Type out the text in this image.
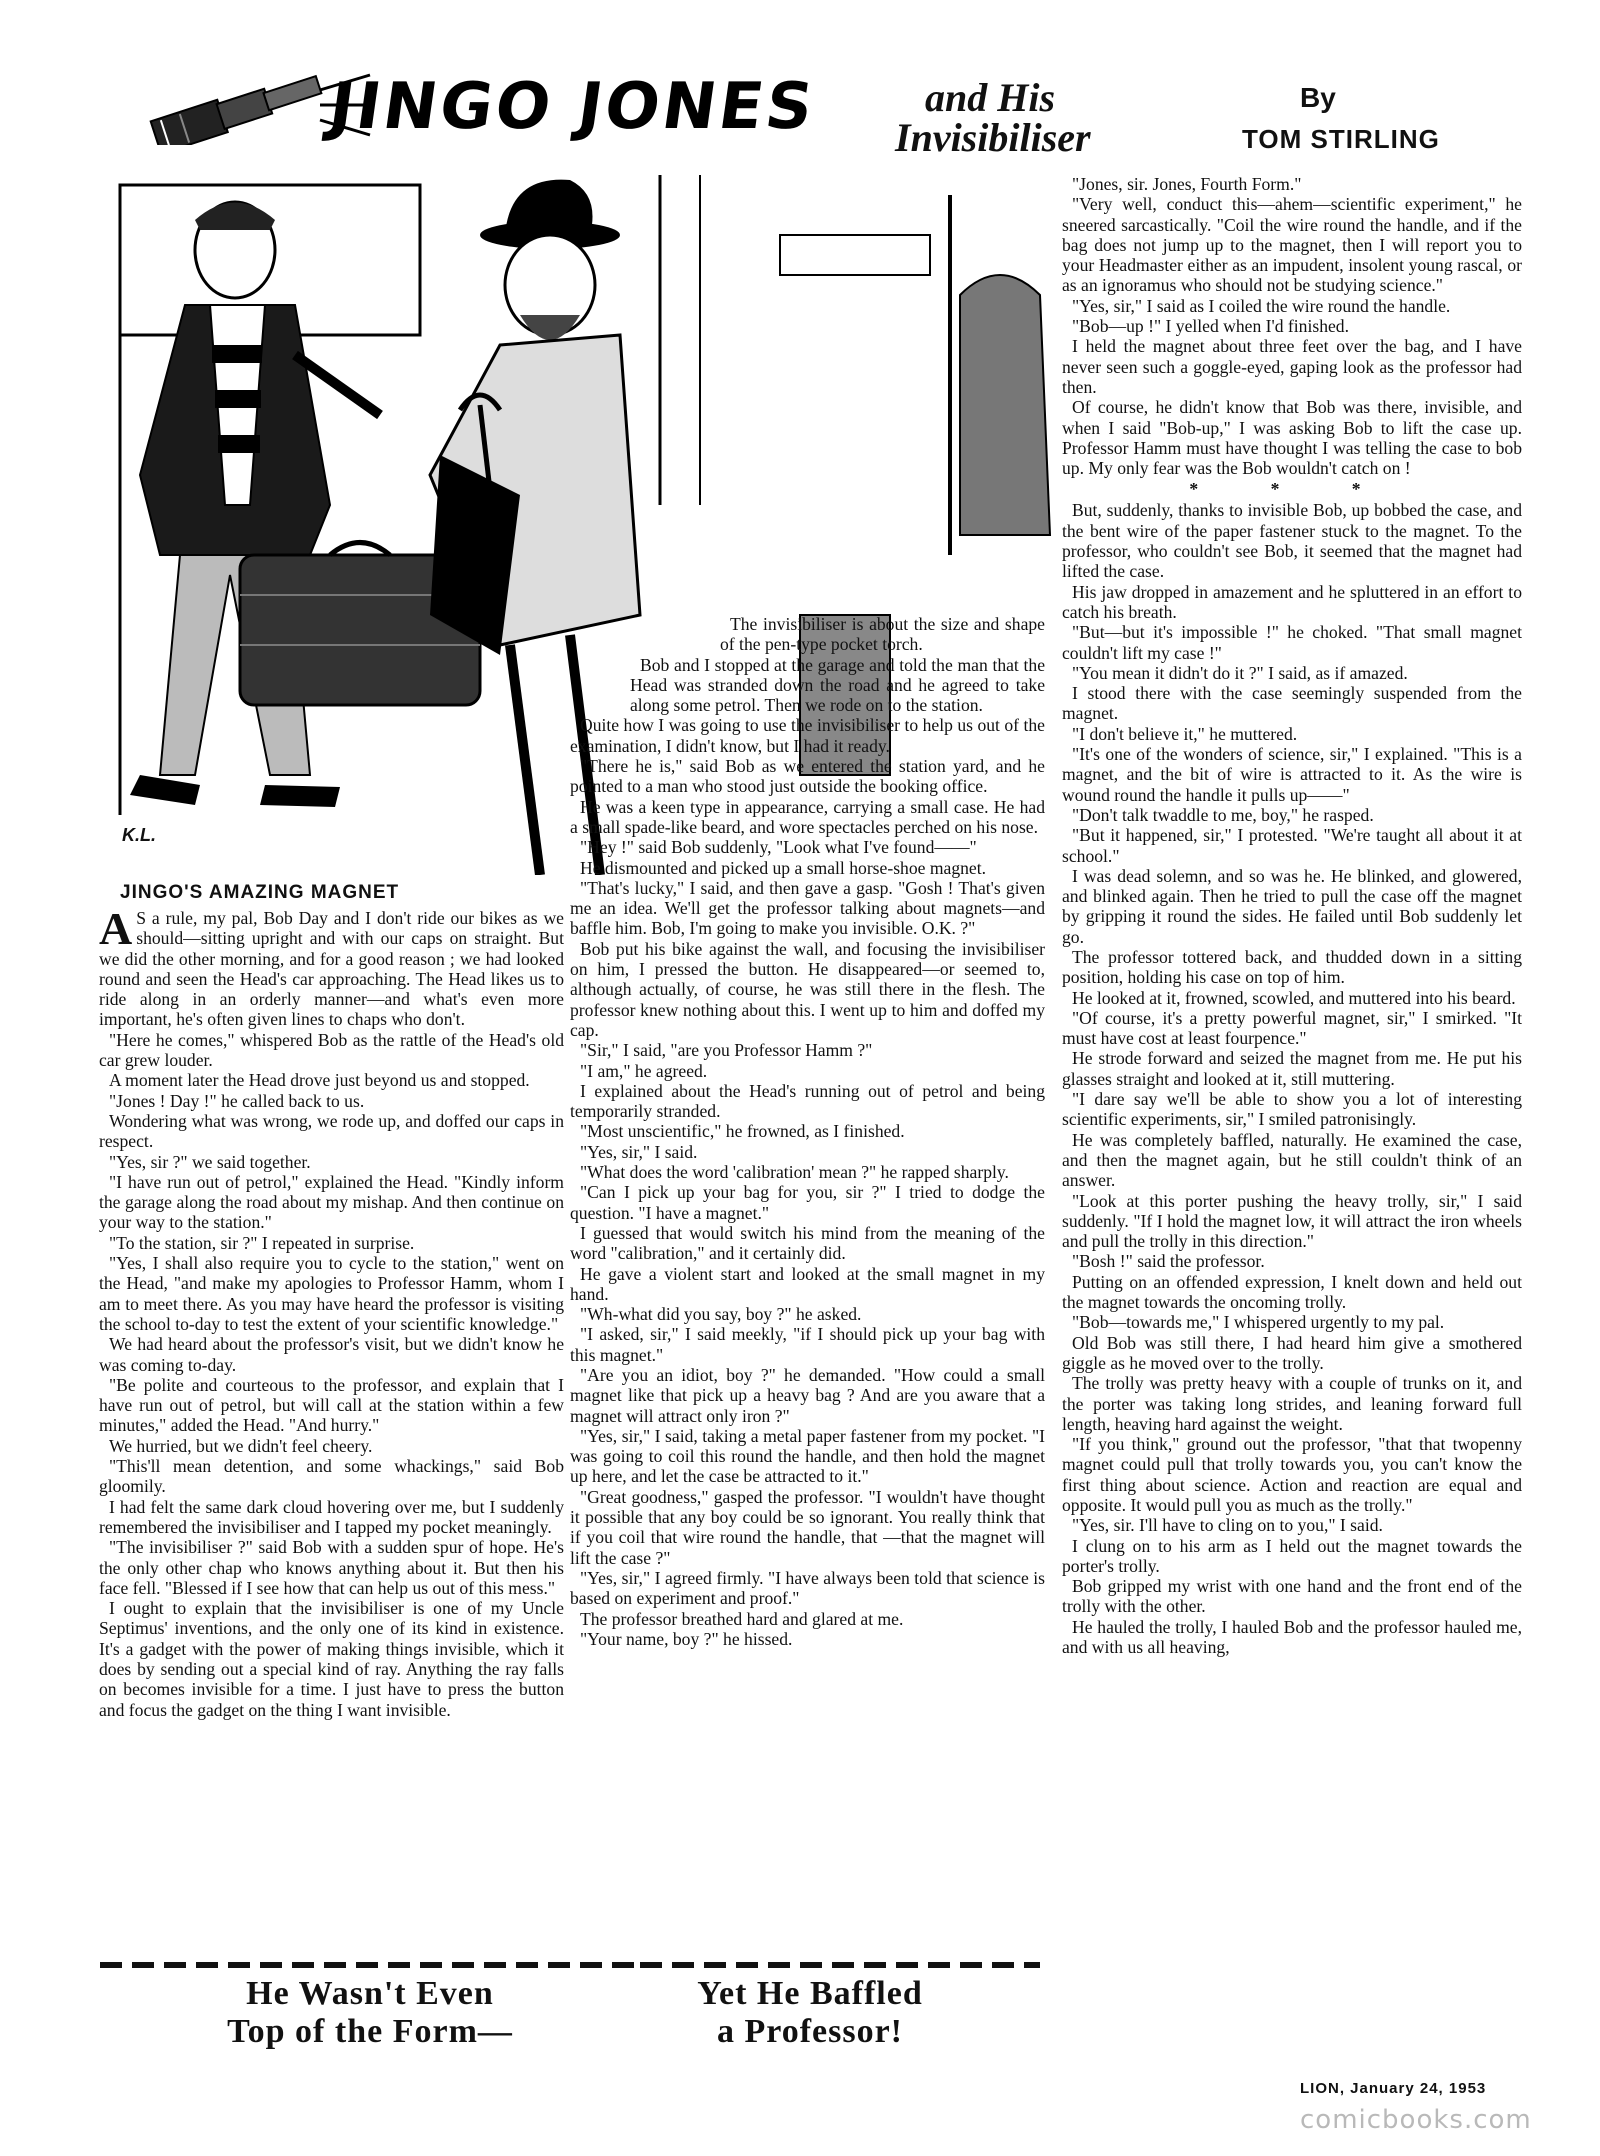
JINGO JONES	and His
Invisibiliser
By
TOM STIRLING
K.L.
JINGO'S AMAZING MAGNET

A S a rule, my pal, Bob Day and I don't ride our bikes as we should—sitting upright and with our caps on straight. But we did the other morning, and for a good reason ; we had looked round and seen the Head's car approaching. The Head likes us to ride along in an orderly manner—and what's even more important, he's often given lines to chaps who don't.

"Here he comes," whispered Bob as the rattle of the Head's old car grew louder.

A moment later the Head drove just beyond us and stopped.

"Jones ! Day !" he called back to us.

Wondering what was wrong, we rode up, and doffed our caps in respect.

"Yes, sir ?" we said together.

"I have run out of petrol," explained the Head. "Kindly inform the garage along the road about my mishap. And then continue on your way to the station."

"To the station, sir ?" I repeated in surprise.

"Yes, I shall also require you to cycle to the station," went on the Head, "and make my apologies to Professor Hamm, whom I am to meet there. As you may have heard the professor is visiting the school to-day to test the extent of your scientific knowledge."

We had heard about the professor's visit, but we didn't know he was coming to-day.

"Be polite and courteous to the professor, and explain that I have run out of petrol, but will call at the station within a few minutes," added the Head. "And hurry."

We hurried, but we didn't feel cheery.

"This'll mean detention, and some whackings," said Bob gloomily.

I had felt the same dark cloud hovering over me, but I suddenly remembered the invisibiliser and I tapped my pocket meaningly.

"The invisibiliser ?" said Bob with a sudden spur of hope. He's the only other chap who knows anything about it. But then his face fell. "Blessed if I see how that can help us out of this mess."

I ought to explain that the invisibiliser is one of my Uncle Septimus' inventions, and the only one of its kind in existence. It's a gadget with the power of making things invisible, which it does by sending out a special kind of ray. Anything the ray falls on becomes invisible for a time. I just have to press the button and focus the gadget on the thing I want invisible.

The invisibiliser is about the size and shape of the pen-type pocket torch.

Bob and I stopped at the garage and told the man that the Head was stranded down the road and he agreed to take along some petrol. Then we rode on to the station.

Quite how I was going to use the invisibiliser to help us out of the examination, I didn't know, but I had it ready.

"There he is," said Bob as we entered the station yard, and he pointed to a man who stood just outside the booking office.

He was a keen type in appearance, carrying a small case. He had a small spade-like beard, and wore spectacles perched on his nose.

"Hey !" said Bob suddenly, "Look what I've found——"

He dismounted and picked up a small horse-shoe magnet.

"That's lucky," I said, and then gave a gasp. "Gosh ! That's given me an idea. We'll get the professor talking about magnets—and baffle him. Bob, I'm going to make you invisible. O.K. ?"

Bob put his bike against the wall, and focusing the invisibiliser on him, I pressed the button. He disappeared—or seemed to, although actually, of course, he was still there in the flesh. The professor knew nothing about this. I went up to him and doffed my cap.

"Sir," I said, "are you Professor Hamm ?"

"I am," he agreed.

I explained about the Head's running out of petrol and being temporarily stranded.

"Most unscientific," he frowned, as I finished.

"Yes, sir," I said.

"What does the word 'calibration' mean ?" he rapped sharply.

"Can I pick up your bag for you, sir ?" I tried to dodge the question. "I have a magnet."

I guessed that would switch his mind from the meaning of the word "calibration," and it certainly did.

He gave a violent start and looked at the small magnet in my hand.

"Wh-what did you say, boy ?" he asked.

"I asked, sir," I said meekly, "if I should pick up your bag with this magnet."

"Are you an idiot, boy ?" he demanded. "How could a small magnet like that pick up a heavy bag ? And are you aware that a magnet will attract only iron ?"

"Yes, sir," I said, taking a metal paper fastener from my pocket. "I was going to coil this round the handle, and then hold the magnet up here, and let the case be attracted to it."

"Great goodness," gasped the professor. "I wouldn't have thought it possible that any boy could be so ignorant. You really think that if you coil that wire round the handle, that —that the magnet will lift the case ?"

"Yes, sir," I agreed firmly. "I have always been told that science is based on experiment and proof."

The professor breathed hard and glared at me.

"Your name, boy ?" he hissed.

"Jones, sir. Jones, Fourth Form."

"Very well, conduct this—ahem—scientific experiment," he sneered sarcastically. "Coil the wire round the handle, and if the bag does not jump up to the magnet, then I will report you to your Headmaster either as an impudent, insolent young rascal, or as an ignoramus who should not be studying science."

"Yes, sir," I said as I coiled the wire round the handle.

"Bob—up !" I yelled when I'd finished.

I held the magnet about three feet over the bag, and I have never seen such a goggle-eyed, gaping look as the professor had then.

Of course, he didn't know that Bob was there, invisible, and when I said "Bob-up," I was asking Bob to lift the case up. Professor Hamm must have thought I was telling the case to bob up. My only fear was the Bob wouldn't catch on !

* * *

But, suddenly, thanks to invisible Bob, up bobbed the case, and the bent wire of the paper fastener stuck to the magnet. To the professor, who couldn't see Bob, it seemed that the magnet had lifted the case.

His jaw dropped in amazement and he spluttered in an effort to catch his breath.

"But—but it's impossible !" he choked. "That small magnet couldn't lift my case !"

"You mean it didn't do it ?" I said, as if amazed.

I stood there with the case seemingly suspended from the magnet.

"I don't believe it," he muttered.

"It's one of the wonders of science, sir," I explained. "This is a magnet, and the bit of wire is attracted to it. As the wire is wound round the handle it pulls up——"

"Don't talk twaddle to me, boy," he rasped.

"But it happened, sir," I protested. "We're taught all about it at school."

I was dead solemn, and so was he. He blinked, and glowered, and blinked again. Then he tried to pull the case off the magnet by gripping it round the sides. He failed until Bob suddenly let go.

The professor tottered back, and thudded down in a sitting position, holding his case on top of him.

He looked at it, frowned, scowled, and muttered into his beard.

"Of course, it's a pretty powerful magnet, sir," I smirked. "It must have cost at least fourpence."

He strode forward and seized the magnet from me. He put his glasses straight and looked at it, still muttering.

"I dare say we'll be able to show you a lot of interesting scientific experiments, sir," I smiled patronisingly.

He was completely baffled, naturally. He examined the case, and then the magnet again, but he still couldn't think of an answer.

"Look at this porter pushing the heavy trolly, sir," I said suddenly. "If I hold the magnet low, it will attract the iron wheels and pull the trolly in this direction."

"Bosh !" said the professor.

Putting on an offended expression, I knelt down and held out the magnet towards the oncoming trolly.

"Bob—towards me," I whispered urgently to my pal.

Old Bob was still there, I had heard him give a smothered giggle as he moved over to the trolly.

The trolly was pretty heavy with a couple of trunks on it, and the porter was taking long strides, and leaning forward full length, heaving hard against the weight.

"If you think," ground out the professor, "that that twopenny magnet could pull that trolly towards you, you can't know the first thing about science. Action and reaction are equal and opposite. It would pull you as much as the trolly."

"Yes, sir. I'll have to cling on to you," I said.

I clung on to his arm as I held out the magnet towards the porter's trolly.

Bob gripped my wrist with one hand and the front end of the trolly with the other.

He hauled the trolly, I hauled Bob and the professor hauled me, and with us all heaving,

He Wasn't Even
Top of the Form—
Yet He Baffled
a Professor!
LION, January 24, 1953
comicbooks.com
